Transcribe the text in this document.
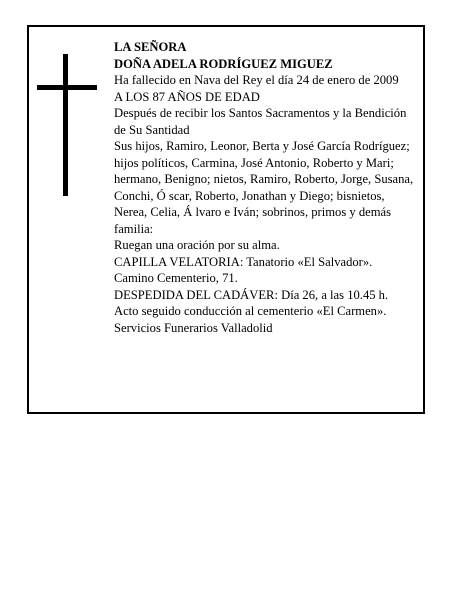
LA SEÑORA

DOÑA ADELA RODRÍGUEZ MIGUEZ

Ha fallecido en Nava del Rey el día 24 de enero de 2009

A LOS 87 AÑOS DE EDAD

Después de recibir los Santos Sacramentos y la Bendición de Su Santidad

Sus hijos, Ramiro, Leonor, Berta y José García Rodríguez; hijos políticos, Carmina, José Antonio, Roberto y Mari; hermano, Benigno; nietos, Ramiro, Roberto, Jorge, Susana, Conchi, Ó scar, Roberto, Jonathan y Diego; bisnietos, Nerea, Celia, Á lvaro e Iván; sobrinos, primos y demás familia:

Ruegan una oración por su alma.

CAPILLA VELATORIA: Tanatorio «El Salvador». Camino Cementerio, 71.

DESPEDIDA DEL CADÁVER: Día 26, a las 10.45 h. Acto seguido conducción al cementerio «El Carmen».

Servicios Funerarios Valladolid
